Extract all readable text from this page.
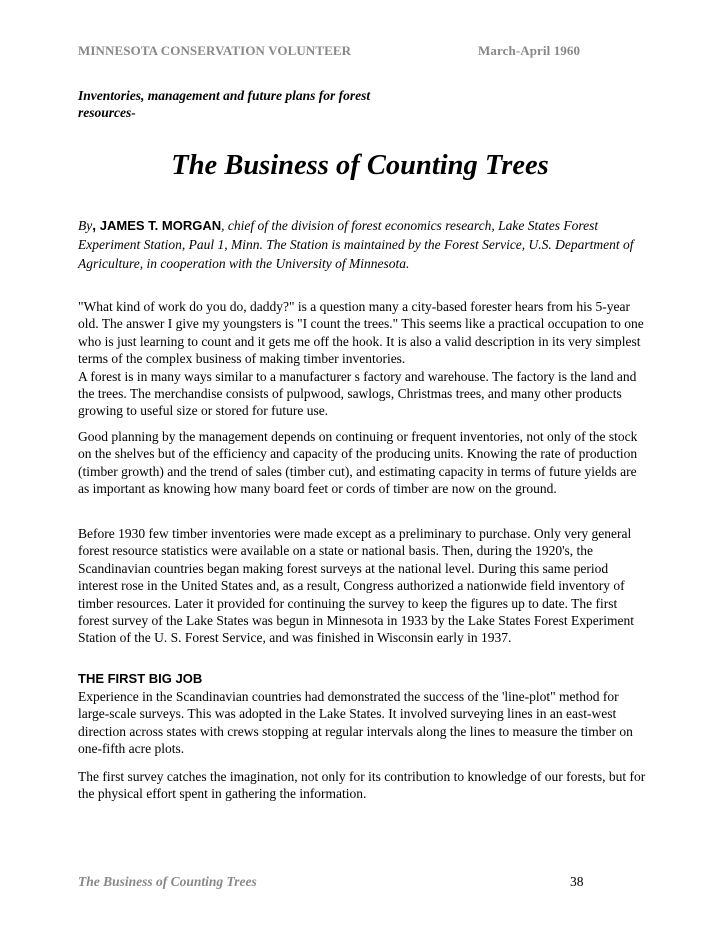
MINNESOTA CONSERVATION VOLUNTEER	March-April 1960
Inventories, management and future plans for forest resources-
The Business of Counting Trees
By, JAMES T. MORGAN, chief of the division of forest economics research, Lake States Forest Experiment Station, Paul 1, Minn. The Station is maintained by the Forest Service, U.S. Department of Agriculture, in cooperation with the University of Minnesota.
"What kind of work do you do, daddy?" is a question many a city-based forester hears from his 5-year old. The answer I give my youngsters is "I count the trees." This seems like a practical occupation to one who is just learning to count and it gets me off the hook. It is also a valid description in its very simplest terms of the complex business of making timber inventories.
A forest is in many ways similar to a manufacturer s factory and warehouse. The factory is the land and the trees. The merchandise consists of pulpwood, sawlogs, Christmas trees, and many other products growing to useful size or stored for future use.

Good planning by the management depends on continuing or frequent inventories, not only of the stock on the shelves but of the efficiency and capacity of the producing units. Knowing the rate of production (timber growth) and the trend of sales (timber cut), and estimating capacity in terms of future yields are as important as knowing how many board feet or cords of timber are now on the ground.

Before 1930 few timber inventories were made except as a preliminary to purchase. Only very general forest resource statistics were available on a state or national basis. Then, during the 1920's, the Scandinavian countries began making forest surveys at the national level. During this same period interest rose in the United States and, as a result, Congress authorized a nationwide field inventory of timber resources. Later it provided for continuing the survey to keep the figures up to date. The first forest survey of the Lake States was begun in Minnesota in 1933 by the Lake States Forest Experiment Station of the U. S. Forest Service, and was finished in Wisconsin early in 1937.

THE FIRST BIG JOB

Experience in the Scandinavian countries had demonstrated the success of the 'line-plot" method for large-scale surveys. This was adopted in the Lake States. It involved surveying lines in an east-west direction across states with crews stopping at regular intervals along the lines to measure the timber on one-fifth acre plots.

The first survey catches the imagination, not only for its contribution to knowledge of our forests, but for the physical effort spent in gathering the information.

The Business of Counting Trees	38
